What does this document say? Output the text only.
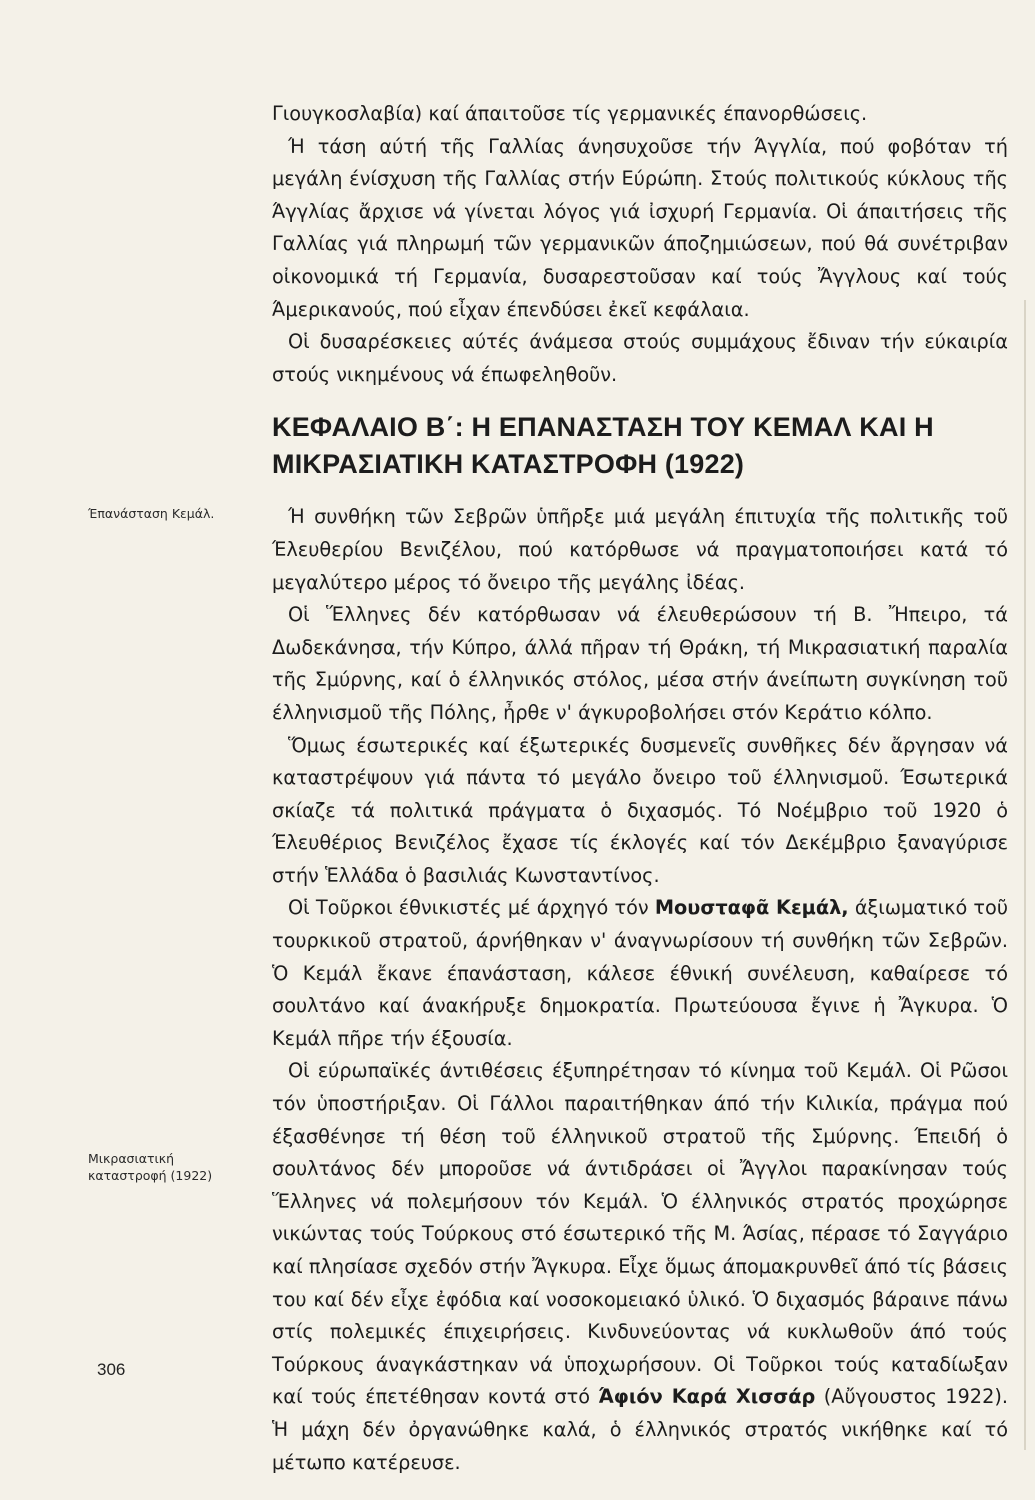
Έπανάσταση Κεμάλ.
Μικρασιατική
καταστροφή (1922)
306

Γιουγκοσλαβία) καί άπαιτοῦσε τίς γερμανικές έπανορθώσεις.

Ή τάση αύτή τῆς Γαλλίας άνησυχοῦσε τήν Άγγλία, πού φοβόταν τή μεγάλη ένίσχυση τῆς Γαλλίας στήν Εύρώπη. Στούς πολιτικούς κύκλους τῆς Άγγλίας ἄρχισε νά γίνεται λόγος γιά ἰσχυρή Γερμανία. Οἱ άπαιτήσεις τῆς Γαλλίας γιά πληρωμή τῶν γερμανικῶν άποζημιώσεων, πού θά συνέτριβαν οἰκονομικά τή Γερμανία, δυσαρεστοῦσαν καί τούς Ἄγγλους καί τούς Άμερικανούς, πού εἶχαν έπενδύσει ἐκεῖ κεφάλαια.

Οἱ δυσαρέσκειες αύτές άνάμεσα στούς συμμάχους ἔδιναν τήν εύκαιρία στούς νικημένους νά έπωφεληθοῦν.

ΚΕΦΑΛΑΙΟ Β΄: Η ΕΠΑΝΑΣΤΑΣΗ ΤΟΥ ΚΕΜΑΛ ΚΑΙ Η ΜΙΚΡΑΣΙΑΤΙΚΗ ΚΑΤΑΣΤΡΟΦΗ (1922)

Ή συνθήκη τῶν Σεβρῶν ὑπῆρξε μιά μεγάλη έπιτυχία τῆς πολιτικῆς τοῦ Έλευθερίου Βενιζέλου, πού κατόρθωσε νά πραγματοποιήσει κατά τό μεγαλύτερο μέρος τό ὄνειρο τῆς μεγάλης ἰδέας.

Οἱ Ἕλληνες δέν κατόρθωσαν νά έλευθερώσουν τή Β. Ἤπειρο, τά Δωδεκάνησα, τήν Κύπρο, άλλά πῆραν τή Θράκη, τή Μικρασιατική παραλία τῆς Σμύρνης, καί ὁ έλληνικός στόλος, μέσα στήν άνείπωτη συγκίνηση τοῦ έλληνισμοῦ τῆς Πόλης, ἦρθε ν' άγκυροβολήσει στόν Κεράτιο κόλπο.

Ὅμως έσωτερικές καί έξωτερικές δυσμενεῖς συνθῆκες δέν ἄργησαν νά καταστρέψουν γιά πάντα τό μεγάλο ὄνειρο τοῦ έλληνισμοῦ. Έσωτερικά σκίαζε τά πολιτικά πράγματα ὁ διχασμός. Τό Νοέμβριο τοῦ 1920 ὁ Έλευθέριος Βενιζέλος ἔχασε τίς έκλογές καί τόν Δεκέμβριο ξαναγύρισε στήν Ἑλλάδα ὁ βασιλιάς Κωνσταντίνος.

Οἱ Τοῦρκοι έθνικιστές μέ άρχηγό τόν Μουσταφᾶ Κεμάλ, άξιωματικό τοῦ τουρκικοῦ στρατοῦ, άρνήθηκαν ν' άναγνωρίσουν τή συνθήκη τῶν Σεβρῶν. Ὁ Κεμάλ ἔκανε έπανάσταση, κάλεσε έθνική συνέλευση, καθαίρεσε τό σουλτάνο καί άνακήρυξε δημοκρατία. Πρωτεύουσα ἔγινε ἡ Ἄγκυρα. Ὁ Κεμάλ πῆρε τήν έξουσία.

Οἱ εύρωπαϊκές άντιθέσεις έξυπηρέτησαν τό κίνημα τοῦ Κεμάλ. Οἱ Ρῶσοι τόν ὑποστήριξαν. Οἱ Γάλλοι παραιτήθηκαν άπό τήν Κιλικία, πράγμα πού έξασθένησε τή θέση τοῦ έλληνικοῦ στρατοῦ τῆς Σμύρνης. Έπειδή ὁ σουλτάνος δέν μποροῦσε νά άντιδράσει οἱ Ἄγγλοι παρακίνησαν τούς Ἕλληνες νά πολεμήσουν τόν Κεμάλ. Ὁ έλληνικός στρατός προχώρησε νικώντας τούς Τούρκους στό έσωτερικό τῆς Μ. Άσίας, πέρασε τό Σαγγάριο καί πλησίασε σχεδόν στήν Ἄγκυρα. Εἶχε ὅμως άπομακρυνθεῖ άπό τίς βάσεις του καί δέν εἶχε ἐφόδια καί νοσοκομειακό ὑλικό. Ὁ διχασμός βάραινε πάνω στίς πολεμικές έπιχειρήσεις. Κινδυνεύοντας νά κυκλωθοῦν άπό τούς Τούρκους άναγκάστηκαν νά ὑποχωρήσουν. Οἱ Τοῦρκοι τούς καταδίωξαν καί τούς έπετέθησαν κοντά στό Άφιόν Καρά Χισσάρ (Αὔγουστος 1922). Ἡ μάχη δέν ὀργανώθηκε καλά, ὁ έλληνικός στρατός νικήθηκε καί τό μέτωπο κατέρευσε.
